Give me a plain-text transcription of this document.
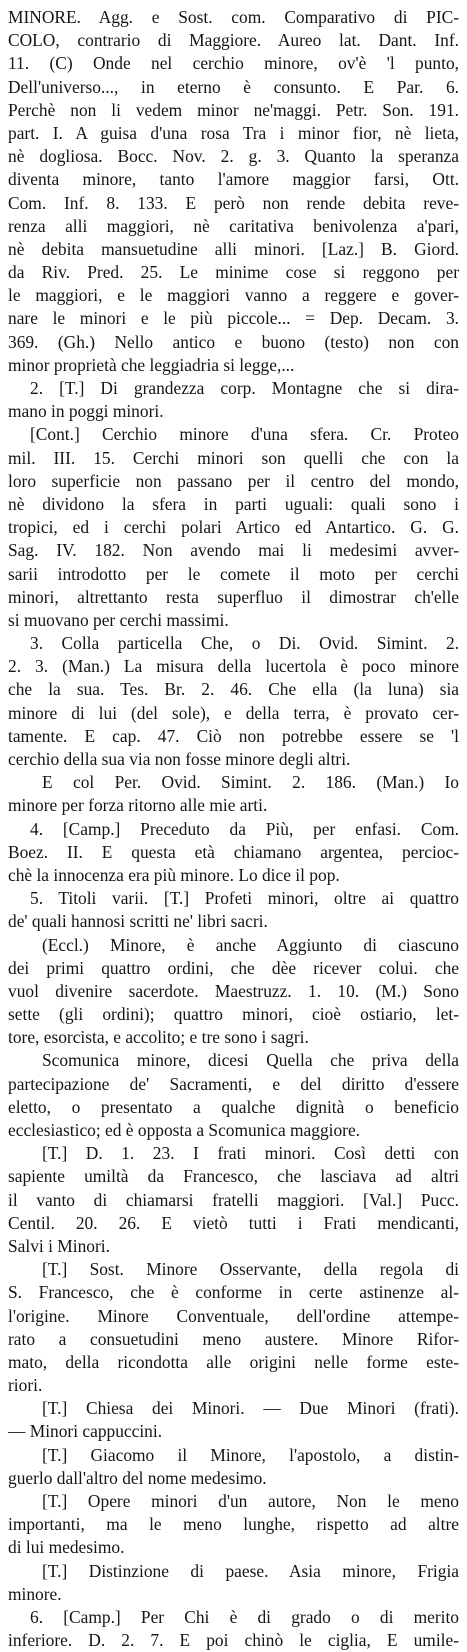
MINORE. Agg. e Sost. com. Comparativo di PIC-
COLO, contrario di Maggiore. Aureo lat. Dant. Inf.
11. (C) Onde nel cerchio minore, ov'è 'l punto,
Dell'universo..., in eterno è consunto. E Par. 6.
Perchè non li vedem minor ne'maggi. Petr. Son. 191.
part. I. A guisa d'una rosa Tra i minor fior, nè lieta,
nè dogliosa. Bocc. Nov. 2. g. 3. Quanto la speranza
diventa minore, tanto l'amore maggior farsi, Ott.
Com. Inf. 8. 133. E però non rende debita reve-
renza alli maggiori, nè caritativa benivolenza a'pari,
nè debita mansuetudine alli minori. [Laz.] B. Giord.
da Riv. Pred. 25. Le minime cose si reggono per
le maggiori, e le maggiori vanno a reggere e gover-
nare le minori e le più piccole... = Dep. Decam. 3.
369. (Gh.) Nello antico e buono (testo) non con
minor proprietà che leggiadria si legge,...
2. [T.] Di grandezza corp. Montagne che si dira-
mano in poggi minori.
[Cont.] Cerchio minore d'una sfera. Cr. Proteo
mil. III. 15. Cerchi minori son quelli che con la
loro superficie non passano per il centro del mondo,
nè dividono la sfera in parti uguali: quali sono i
tropici, ed i cerchi polari Artico ed Antartico. G. G.
Sag. IV. 182. Non avendo mai li medesimi avver-
sarii introdotto per le comete il moto per cerchi
minori, altrettanto resta superfluo il dimostrar ch'elle
si muovano per cerchi massimi.
3. Colla particella Che, o Di. Ovid. Simint. 2.
2. 3. (Man.) La misura della lucertola è poco minore
che la sua. Tes. Br. 2. 46. Che ella (la luna) sia
minore di lui (del sole), e della terra, è provato cer-
tamente. E cap. 47. Ciò non potrebbe essere se 'l
cerchio della sua via non fosse minore degli altri.
E col Per. Ovid. Simint. 2. 186. (Man.) Io
minore per forza ritorno alle mie arti.
4. [Camp.] Preceduto da Più, per enfasi. Com.
Boez. II. E questa età chiamano argentea, percioc-
chè la innocenza era più minore. Lo dice il pop.
5. Titoli varii. [T.] Profeti minori, oltre ai quattro
de' quali hannosi scritti ne' libri sacri.
(Eccl.) Minore, è anche Aggiunto di ciascuno
dei primi quattro ordini, che dèe ricever colui. che
vuol divenire sacerdote. Maestruzz. 1. 10. (M.) Sono
sette (gli ordini); quattro minori, cioè ostiario, let-
tore, esorcista, e accolito; e tre sono i sagri.
Scomunica minore, dicesi Quella che priva della
partecipazione de' Sacramenti, e del diritto d'essere
eletto, o presentato a qualche dignità o beneficio
ecclesiastico; ed è opposta a Scomunica maggiore.
[T.] D. 1. 23. I frati minori. Così detti con
sapiente umiltà da Francesco, che lasciava ad altri
il vanto di chiamarsi fratelli maggiori. [Val.] Pucc.
Centil. 20. 26. E vietò tutti i Frati mendicanti,
Salvi i Minori.
[T.] Sost. Minore Osservante, della regola di
S. Francesco, che è conforme in certe astinenze al-
l'origine. Minore Conventuale, dell'ordine attempe-
rato a consuetudini meno austere. Minore Rifor-
mato, della ricondotta alle origini nelle forme este-
riori.
[T.] Chiesa dei Minori. — Due Minori (frati).
— Minori cappuccini.
[T.] Giacomo il Minore, l'apostolo, a distin-
guerlo dall'altro del nome medesimo.
[T.] Opere minori d'un autore, Non le meno
importanti, ma le meno lunghe, rispetto ad altre
di lui medesimo.
[T.] Distinzione di paese. Asia minore, Frigia
minore.
6. [Camp.] Per Chi è di grado o di merito
inferiore. D. 2. 7. E poi chinò le ciglia, E umile-
